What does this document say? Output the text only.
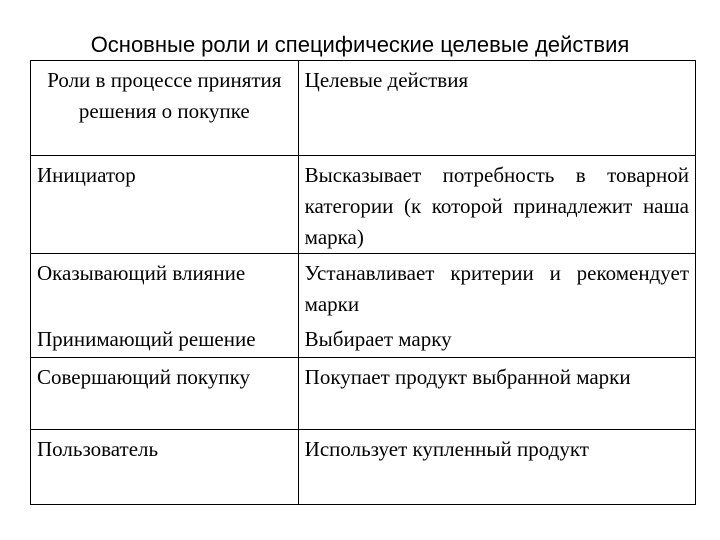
Основные роли и специфические целевые действия
Роли в процессе принятия решения о покупке	Целевые действия
Инициатор	Высказывает потребность в товарной категории (к которой принадлежит наша марка)
Оказывающий влияние	Устанавливает критерии и рекомендует марки
Принимающий решение	Выбирает марку
Совершающий покупку	Покупает продукт выбранной марки
Пользователь	Использует купленный продукт
